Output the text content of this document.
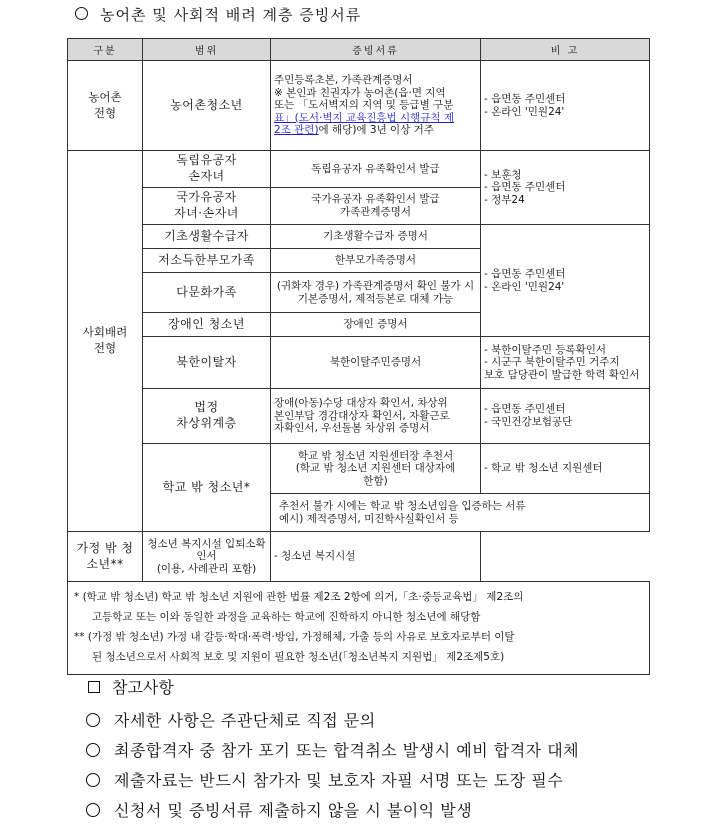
농어촌 및 사회적 배려 계층 증빙서류
구분	범위	증빙서류	비 고
농어촌
전형	농어촌청소년	주민등록초본, 가족관계증명서
※ 본인과 친권자가 농어촌(읍·면 지역
또는 「도서벽지의 지역 및 등급별 구분
표」(도서·벽지 교육진흥법 시행규칙 제
2조 관련)에 해당)에 3년 이상 거주	- 읍면동 주민센터
- 온라인 '민원24'
사회배려
전형	독립유공자
손자녀	독립유공자 유족확인서 발급	- 보훈청
- 읍면동 주민센터
- 정부24
	국가유공자
자녀·손자녀	국가유공자 유족확인서 발급
가족관계증명서	
	기초생활수급자	기초생활수급자 증명서	- 읍면동 주민센터
- 온라인 '민원24'
	저소득한부모가족	한부모가족증명서	
	다문화가족	(귀화자 경우) 가족관계증명서 확인 불가 시
기본증명서, 제적등본로 대체 가능	
	장애인 청소년	장애인 증명서	
	북한이탈자	북한이탈주민증명서	- 북한이탈주민 등록확인서
- 시군구 북한이탈주민 거주지
보호 담당관이 발급한 학력 확인서
	법정
차상위계층	장애(아동)수당 대상자 확인서, 차상위
본인부담 경감대상자 확인서, 자활근로
자확인서, 우선돌봄 차상위 증명서	- 읍면동 주민센터
- 국민건강보험공단
	학교 밖 청소년*	학교 밖 청소년 지원센터장 추천서
(학교 밖 청소년 지원센터 대상자에
한함)	- 학교 밖 청소년 지원센터
		추천서 불가 시에는 학교 밖 청소년임을 입증하는 서류
예시) 제적증명서, 미진학사실확인서 등	
가정 밖 청소년**	청소년 복지시설 입퇴소확인서
(이용, 사례관리 포함)	- 청소년 복지시설	

* (학교 밖 청소년) 학교 밖 청소년 지원에 관한 법률 제2조 2항에 의거,「초·중등교육법」 제2조의

고등학교 또는 이와 동일한 과정을 교육하는 학교에 진학하지 아니한 청소년에 해당함

** (가정 밖 청소년) 가정 내 갈등·학대·폭력·방임, 가정해체, 가출 등의 사유로 보호자로부터 이탈

된 청소년으로서 사회적 보호 및 지원이 필요한 청소년(「청소년복지 지원법」 제2조제5호)			

참고사항
자세한 사항은 주관단체로 직접 문의
최종합격자 중 참가 포기 또는 합격취소 발생시 예비 합격자 대체
제출자료는 반드시 참가자 및 보호자 자필 서명 또는 도장 필수
신청서 및 증빙서류 제출하지 않을 시 불이익 발생
